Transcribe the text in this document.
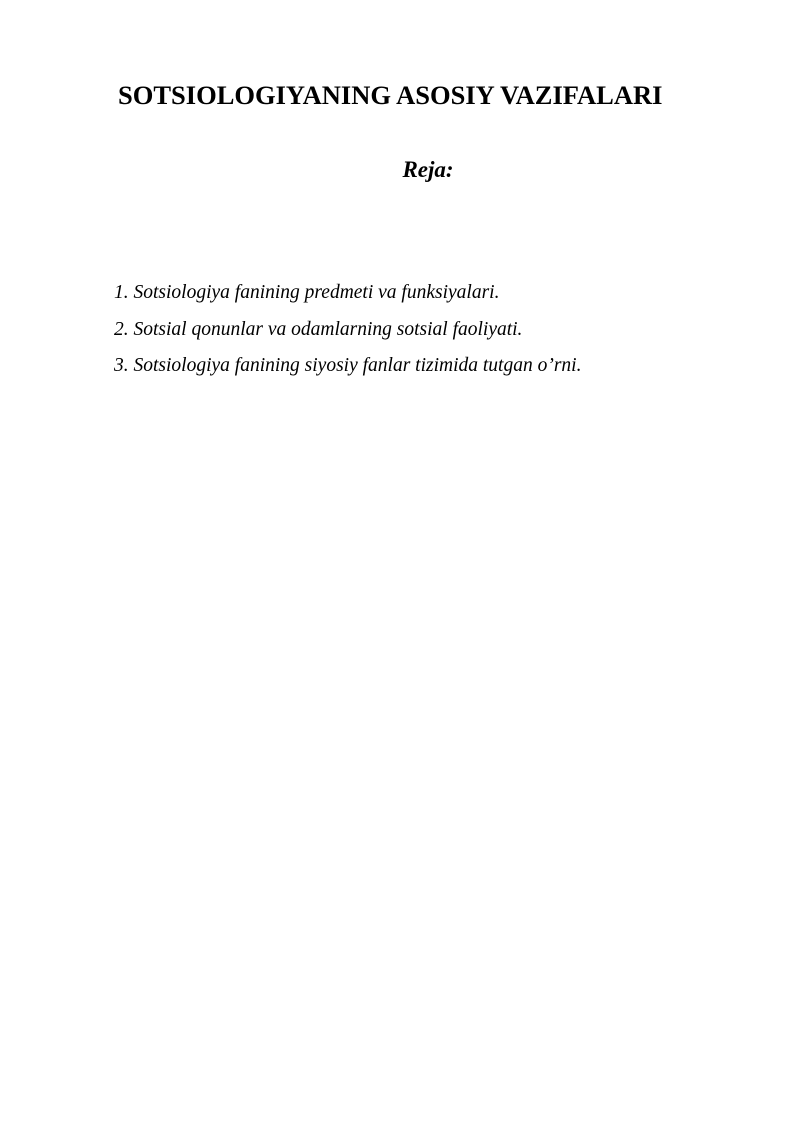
SOTSIOLOGIYANING ASOSIY VAZIFALARI
Reja:
1. Sotsiologiya fanining predmeti va funksiyalari.
2. Sotsial qonunlar va odamlarning sotsial faoliyati.
3. Sotsiologiya fanining siyosiy fanlar tizimida tutgan o’rni.
